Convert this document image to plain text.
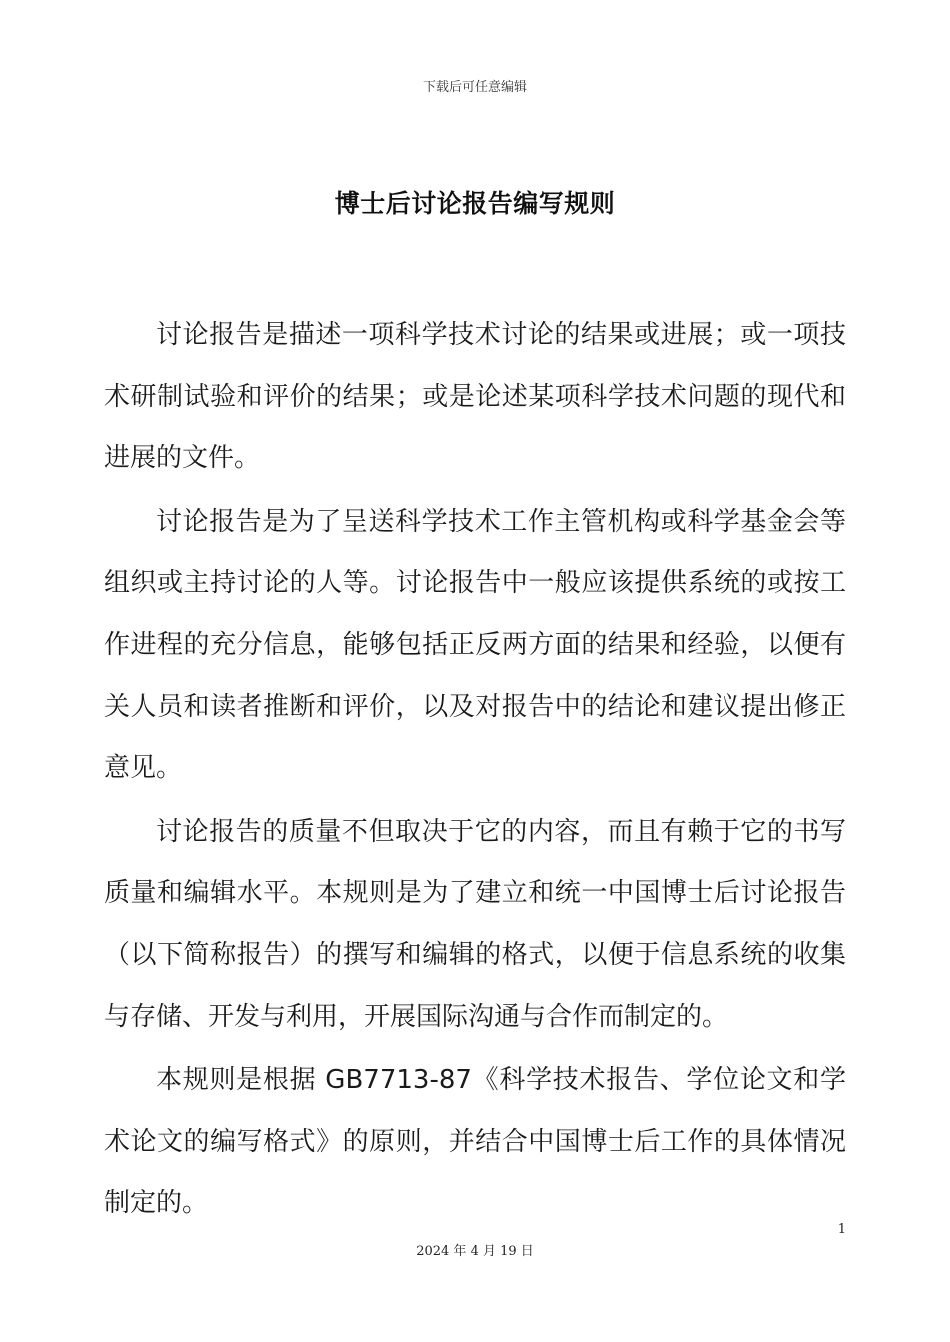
下载后可任意编辑
博士后讨论报告编写规则

讨论报告是描述一项科学技术讨论的结果或进展；或一项技术研制试验和评价的结果；或是论述某项科学技术问题的现代和进展的文件。

讨论报告是为了呈送科学技术工作主管机构或科学基金会等组织或主持讨论的人等。讨论报告中一般应该提供系统的或按工作进程的充分信息，能够包括正反两方面的结果和经验，以便有关人员和读者推断和评价，以及对报告中的结论和建议提出修正意见。

讨论报告的质量不但取决于它的内容，而且有赖于它的书写质量和编辑水平。本规则是为了建立和统一中国博士后讨论报告（以下简称报告）的撰写和编辑的格式，以便于信息系统的收集与存储、开发与利用，开展国际沟通与合作而制定的。

本规则是根据 GB7713-87《科学技术报告、学位论文和学术论文的编写格式》的原则，并结合中国博士后工作的具体情况制定的。

1
2024 年 4 月 19 日
